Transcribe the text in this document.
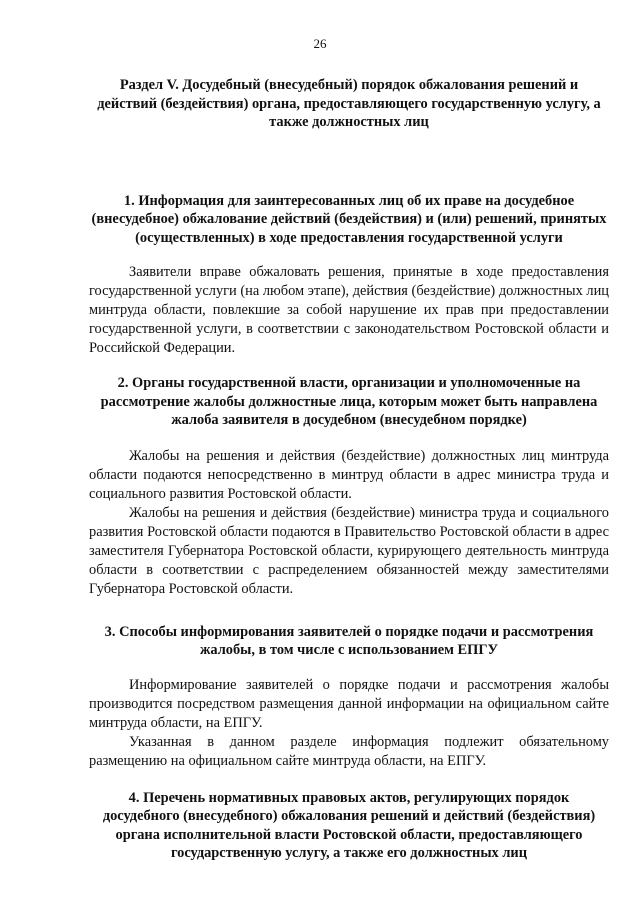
26
Раздел V. Досудебный (внесудебный) порядок обжалования решений и действий (бездействия) органа, предоставляющего государственную услугу, а также должностных лиц
1. Информация для заинтересованных лиц об их праве на досудебное (внесудебное) обжалование действий (бездействия) и (или) решений, принятых (осуществленных) в ходе предоставления государственной услуги

Заявители вправе обжаловать решения, принятые в ходе предоставления государственной услуги (на любом этапе), действия (бездействие) должностных лиц минтруда области, повлекшие за собой нарушение их прав при предоставлении государственной услуги, в соответствии с законодательством Ростовской области и Российской Федерации.

2. Органы государственной власти, организации и уполномоченные на рассмотрение жалобы должностные лица, которым может быть направлена жалоба заявителя в досудебном (внесудебном порядке)

Жалобы на решения и действия (бездействие) должностных лиц минтруда области подаются непосредственно в минтруд области в адрес министра труда и социального развития Ростовской области.

Жалобы на решения и действия (бездействие) министра труда и социального развития Ростовской области подаются в Правительство Ростовской области в адрес заместителя Губернатора Ростовской области, курирующего деятельность минтруда области в соответствии с распределением обязанностей между заместителями Губернатора Ростовской области.

3. Способы информирования заявителей о порядке подачи и рассмотрения жалобы, в том числе с использованием ЕПГУ

Информирование заявителей о порядке подачи и рассмотрения жалобы производится посредством размещения данной информации на официальном сайте минтруда области, на ЕПГУ.

Указанная в данном разделе информация подлежит обязательному размещению на официальном сайте минтруда области, на ЕПГУ.

4. Перечень нормативных правовых актов, регулирующих порядок досудебного (внесудебного) обжалования решений и действий (бездействия) органа исполнительной власти Ростовской области, предоставляющего государственную услугу, а также его должностных лиц
